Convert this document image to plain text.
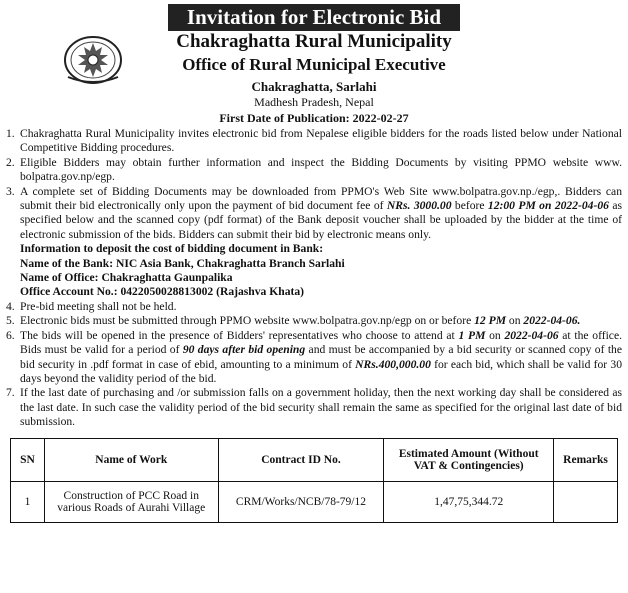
Invitation for Electronic Bid
Chakraghatta Rural Municipality
Office of Rural Municipal Executive
Chakraghatta, Sarlahi
Madhesh Pradesh, Nepal
First Date of Publication: 2022-02-27
1. Chakraghatta Rural Municipality invites electronic bid from Nepalese eligible bidders for the roads listed below under National Competitive Bidding procedures.
2. Eligible Bidders may obtain further information and inspect the Bidding Documents by visiting PPMO website www. bolpatra.gov.np/egp.
3. A complete set of Bidding Documents may be downloaded from PPMO's Web Site www.bolpatra.gov.np./egp,. Bidders can submit their bid electronically only upon the payment of bid document fee of NRs. 3000.00 before 12:00 PM on 2022-04-06 as specified below and the scanned copy (pdf format) of the Bank deposit voucher shall be uploaded by the bidder at the time of electronic submission of the bids. Bidders can submit their bid by electronic means only.
Information to deposit the cost of bidding document in Bank:
Name of the Bank: NIC Asia Bank, Chakraghatta Branch Sarlahi
Name of Office: Chakraghatta Gaunpalika
Office Account No.: 0422050028813002 (Rajashva Khata)
4. Pre-bid meeting shall not be held.
5. Electronic bids must be submitted through PPMO website www.bolpatra.gov.np/egp on or before 12 PM on 2022-04-06.
6. The bids will be opened in the presence of Bidders' representatives who choose to attend at 1 PM on 2022-04-06 at the office. Bids must be valid for a period of 90 days after bid opening and must be accompanied by a bid security or scanned copy of the bid security in .pdf format in case of ebid, amounting to a minimum of NRs.400,000.00 for each bid, which shall be valid for 30 days beyond the validity period of the bid.
7. If the last date of purchasing and /or submission falls on a government holiday, then the next working day shall be considered as the last date. In such case the validity period of the bid security shall remain the same as specified for the original last date of bid submission.
SN	Name of Work	Contract ID No.	Estimated Amount (Without VAT & Contingencies)	Remarks
1	Construction of PCC Road in various Roads of Aurahi Village	CRM/Works/NCB/78-79/12	1,47,75,344.72	
